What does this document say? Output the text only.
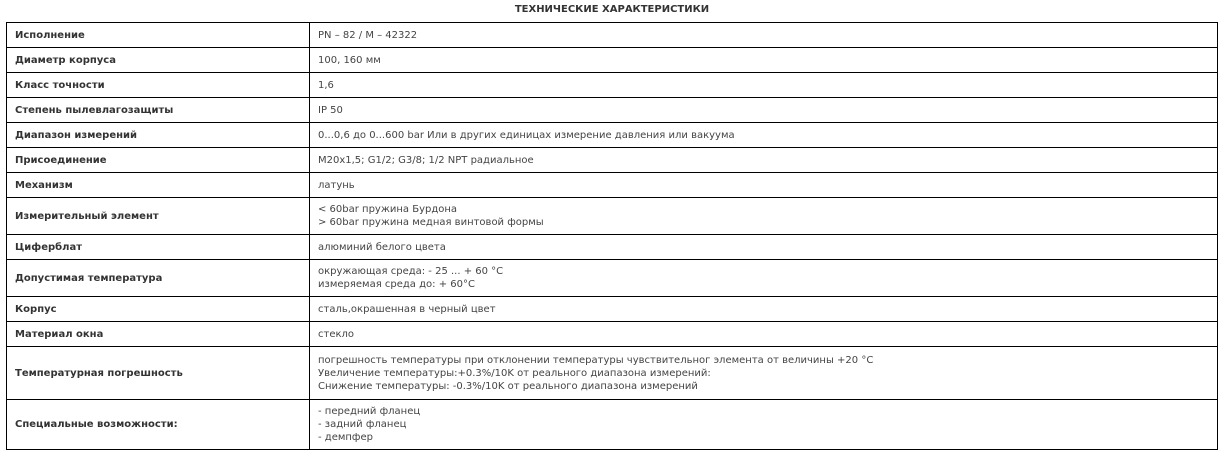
ТЕХНИЧЕСКИЕ ХАРАКТЕРИСТИКИ
Исполнение	PN – 82 / M – 42322

Диаметр корпуса	100, 160 мм

Класс точности	1,6

Степень пылевлагозащиты	IP 50

Диапазон измерений	0...0,6 до 0...600 bar Или в других единицах измерение давления или вакуума

Присоединение	M20x1,5; G1/2; G3/8; 1/2 NPT радиальное

Механизм	латунь

Измерительный элемент	< 60bar пружина Бурдона
> 60bar пружина медная винтовой формы

Циферблат	алюминий белого цвета

Допустимая температура	окружающая среда: - 25 ... + 60 °C
измеряемая среда до: + 60°C

Корпус	сталь,окрашенная в черный цвет

Материал окна	стекло

Температурная погрешность	погрешность температуры при отклонении температуры чувствительног элемента от величины +20 °C
Увеличение температуры:+0.3%/10K от реального диапазона измерений:
Снижение температуры: -0.3%/10K от реального диапазона измерений

Специальные возможности:	- передний фланец
- задний фланец
- демпфер
